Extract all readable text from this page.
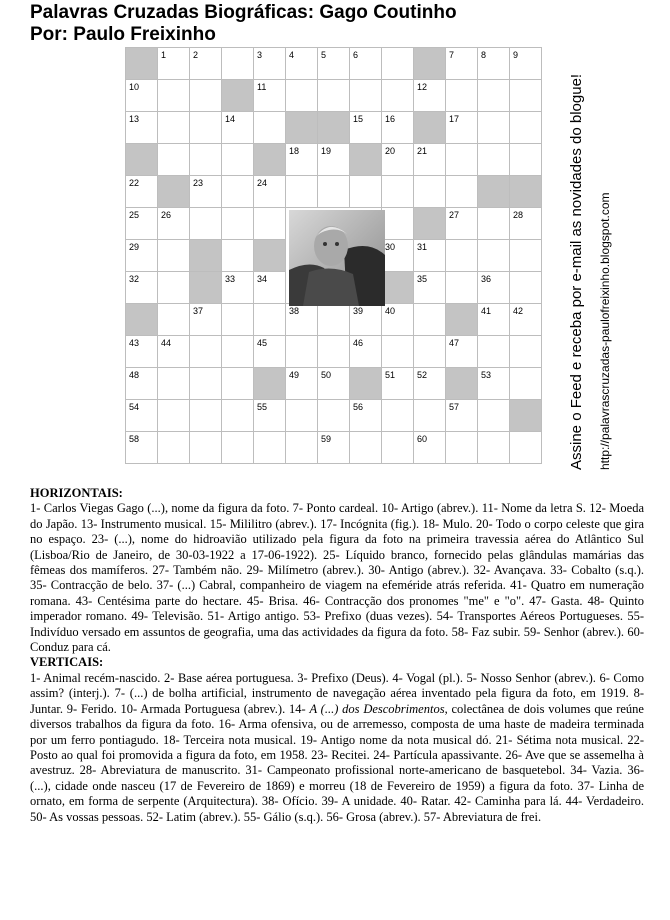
Palavras Cruzadas Biográficas: Gago Coutinho
Por: Paulo Freixinho

	1	2		3	4	5	6			7	8	9

10				11					12			

13			14				15	16		17		

					18	19		20	21			

22		23		24								

25	26									27		28

29								30	31			

32			33	34					35		36	

		37			38		39	40			41	42

43	44			45			46			47		

48					49	50		51	52		53	

54				55			56			57		

58						59			60			
				Assine o Feed e receba por e-mail as novidades do blogue! http://palavrascruzadas-paulofreixinho.blogspot.com
HORIZONTAIS:

1- Carlos Viegas Gago (...), nome da figura da foto. 7- Ponto cardeal. 10- Artigo (abrev.). 11- Nome da letra S. 12- Moeda do Japão. 13- Instrumento musical. 15- Mililitro (abrev.). 17- Incógnita (fig.). 18- Mulo. 20- Todo o corpo celeste que gira no espaço. 23- (...), nome do hidroavião utilizado pela figura da foto na primeira travessia aérea do Atlântico Sul (Lisboa/Rio de Janeiro, de 30-03-1922 a 17-06-1922). 25- Líquido branco, fornecido pelas glândulas mamárias das fêmeas dos mamíferos. 27- Também não. 29- Milímetro (abrev.). 30- Antigo (abrev.). 32- Avançava. 33- Cobalto (s.q.). 35- Contracção de belo. 37- (...) Cabral, companheiro de viagem na efeméride atrás referida. 41- Quatro em numeração romana. 43- Centésima parte do hectare. 45- Brisa. 46- Contracção dos pronomes "me" e "o". 47- Gasta. 48- Quinto imperador romano. 49- Televisão. 51- Artigo antigo. 53- Prefixo (duas vezes). 54- Transportes Aéreos Portugueses. 55- Indivíduo versado em assuntos de geografia, uma das actividades da figura da foto. 58- Faz subir. 59- Senhor (abrev.). 60- Conduz para cá.

VERTICAIS:

1- Animal recém-nascido. 2- Base aérea portuguesa. 3- Prefixo (Deus). 4- Vogal (pl.). 5- Nosso Senhor (abrev.). 6- Como assim? (interj.). 7- (...) de bolha artificial, instrumento de navegação aérea inventado pela figura da foto, em 1919. 8- Juntar. 9- Ferido. 10- Armada Portuguesa (abrev.). 14- A (...) dos Descobrimentos, colectânea de dois volumes que reúne diversos trabalhos da figura da foto. 16- Arma ofensiva, ou de arremesso, composta de uma haste de madeira terminada por um ferro pontiagudo. 18- Terceira nota musical. 19- Antigo nome da nota musical dó. 21- Sétima nota musical. 22- Posto ao qual foi promovida a figura da foto, em 1958. 23- Recitei. 24- Partícula apassivante. 26- Ave que se assemelha à avestruz. 28- Abreviatura de manuscrito. 31- Campeonato profissional norte-americano de basquetebol. 34- Vazia. 36- (...), cidade onde nasceu (17 de Fevereiro de 1869) e morreu (18 de Fevereiro de 1959) a figura da foto. 37- Linha de ornato, em forma de serpente (Arquitectura). 38- Ofício. 39- A unidade. 40- Ratar. 42- Caminha para lá. 44- Verdadeiro. 50- As vossas pessoas. 52- Latim (abrev.). 55- Gálio (s.q.). 56- Grosa (abrev.). 57- Abreviatura de frei.
